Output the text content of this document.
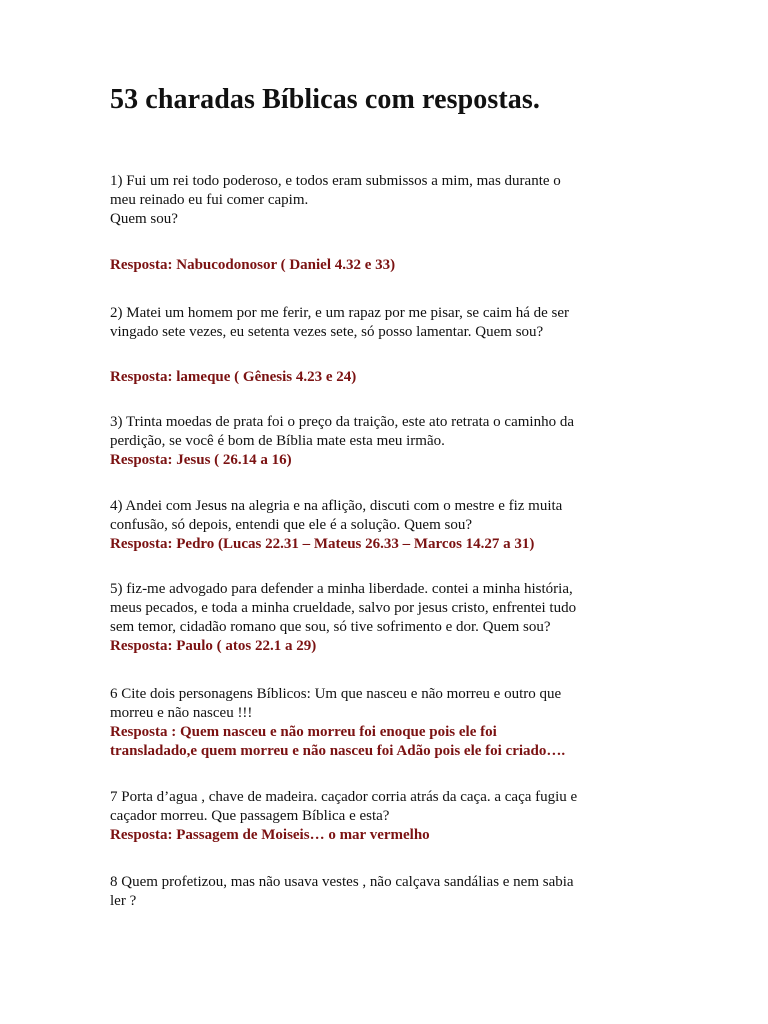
53 charadas Bíblicas com respostas.

1) Fui um rei todo poderoso, e todos eram submissos a mim, mas durante o

meu reinado eu fui comer capim.

Quem sou?

Resposta: Nabucodonosor ( Daniel 4.32 e 33)

2) Matei um homem por me ferir, e um rapaz por me pisar, se caim há de ser

vingado sete vezes, eu setenta vezes sete, só posso lamentar. Quem sou?

Resposta: lameque ( Gênesis 4.23 e 24)

3) Trinta moedas de prata foi o preço da traição, este ato retrata o caminho da

perdição, se você é bom de Bíblia mate esta meu irmão.

Resposta: Jesus ( 26.14 a 16)

4) Andei com Jesus na alegria e na aflição, discuti com o mestre e fiz muita

confusão, só depois, entendi que ele é a solução. Quem sou?

Resposta: Pedro (Lucas 22.31 – Mateus 26.33 – Marcos 14.27 a 31)

5) fiz-me advogado para defender a minha liberdade. contei a minha história,

meus pecados, e toda a minha crueldade, salvo por jesus cristo, enfrentei tudo

sem temor, cidadão romano que sou, só tive sofrimento e dor. Quem sou?

Resposta: Paulo ( atos 22.1 a 29)

6 Cite dois personagens Bíblicos: Um que nasceu e não morreu e outro que

morreu e não nasceu !!!

Resposta : Quem nasceu e não morreu foi enoque pois ele foi

transladado,e quem morreu e não nasceu foi Adão pois ele foi criado….

7 Porta d’agua , chave de madeira. caçador corria atrás da caça. a caça fugiu e

caçador morreu. Que passagem Bíblica e esta?

Resposta: Passagem de Moiseis… o mar vermelho

8 Quem profetizou, mas não usava vestes , não calçava sandálias e nem sabia

ler ?
